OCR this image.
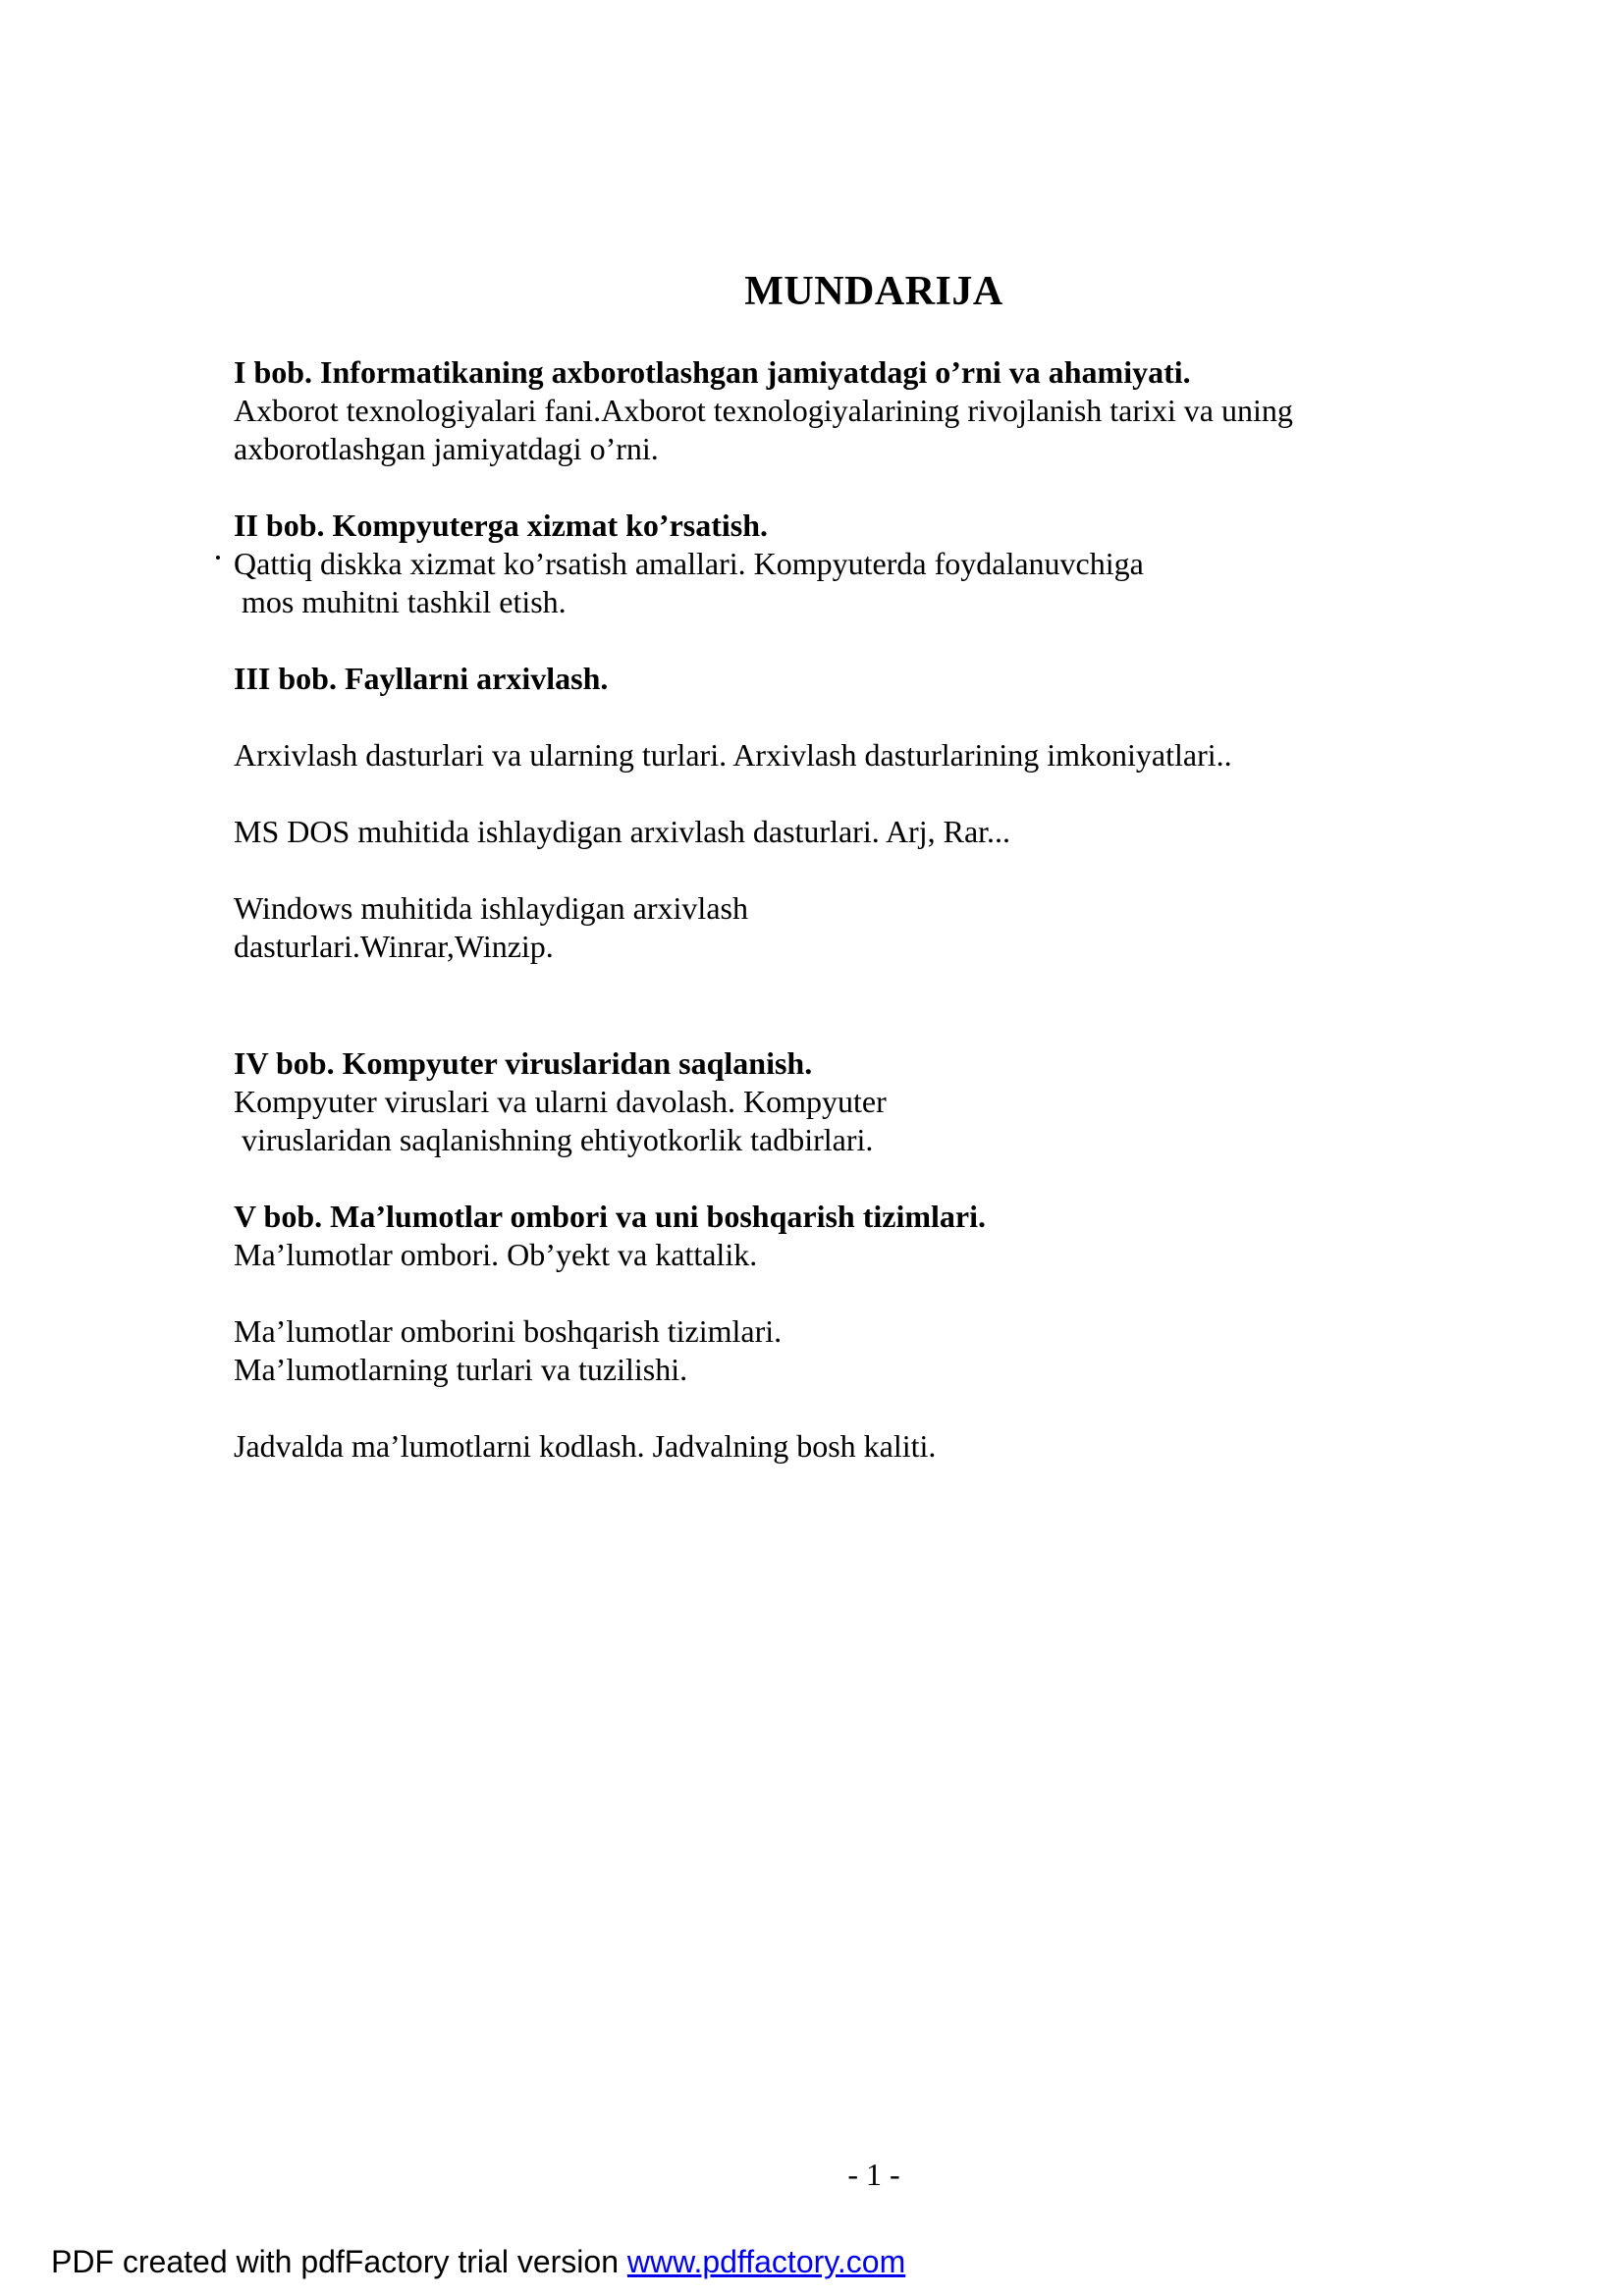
MUNDARIJA

I bob. Informatikaning axborotlashgan jamiyatdagi o’rni va ahamiyati.

Axborot texnologiyalari fani.Axborot texnologiyalarining rivojlanish tarixi va uning

axborotlashgan jamiyatdagi o’rni.

II bob. Kompyuterga xizmat ko’rsatish.

Qattiq diskka xizmat ko’rsatish amallari. Kompyuterda foydalanuvchiga

mos muhitni tashkil etish.

III bob. Fayllarni arxivlash.

Arxivlash dasturlari va ularning turlari. Arxivlash dasturlarining imkoniyatlari..

MS DOS muhitida ishlaydigan arxivlash dasturlari. Arj, Rar...

Windows muhitida ishlaydigan arxivlash

dasturlari.Winrar,Winzip.

IV bob. Kompyuter viruslaridan saqlanish.

Kompyuter viruslari va ularni davolash. Kompyuter

viruslaridan saqlanishning ehtiyotkorlik tadbirlari.

V bob. Ma’lumotlar ombori va uni boshqarish tizimlari.

Ma’lumotlar ombori. Ob’yekt va kattalik.

Ma’lumotlar omborini boshqarish tizimlari.

Ma’lumotlarning turlari va tuzilishi.

Jadvalda ma’lumotlarni kodlash. Jadvalning bosh kaliti.

- 1 -
PDF created with pdfFactory trial version www.pdffactory.com
